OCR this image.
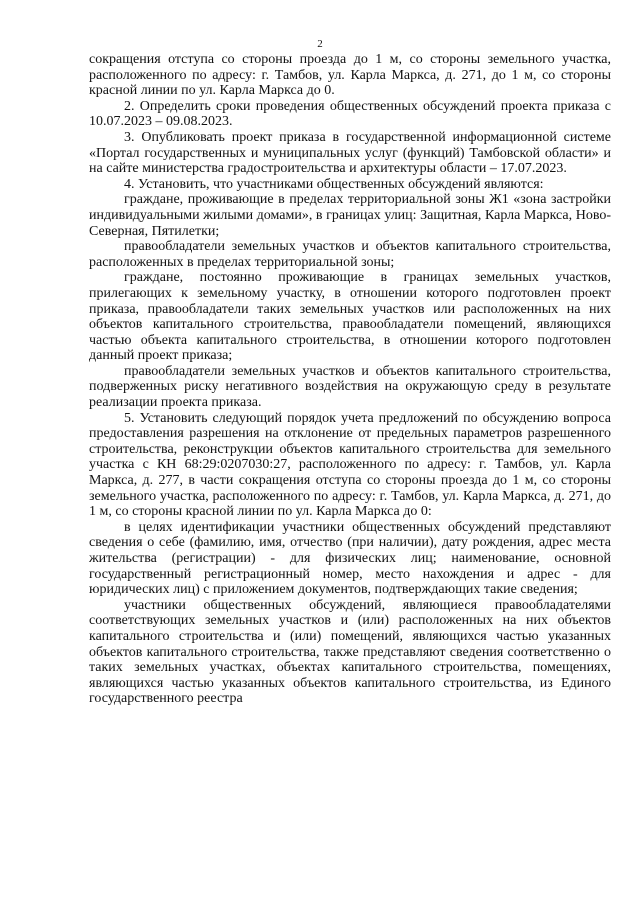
2

сокращения отступа со стороны проезда до 1 м, со стороны земельного участка, расположенного по адресу: г. Тамбов, ул. Карла Маркса, д. 271, до 1 м, со стороны красной линии по ул. Карла Маркса до 0.

2. Определить сроки проведения общественных обсуждений проекта приказа с 10.07.2023 – 09.08.2023.

3. Опубликовать проект приказа в государственной информационной системе «Портал государственных и муниципальных услуг (функций) Тамбовской области» и на сайте министерства градостроительства и архитектуры области – 17.07.2023.

4. Установить, что участниками общественных обсуждений являются:

граждане, проживающие в пределах территориальной зоны Ж1 «зона застройки индивидуальными жилыми домами», в границах улиц: Защитная, Карла Маркса, Ново-Северная, Пятилетки;

правообладатели земельных участков и объектов капитального строительства, расположенных в пределах территориальной зоны;

граждане, постоянно проживающие в границах земельных участков, прилегающих к земельному участку, в отношении которого подготовлен проект приказа, правообладатели таких земельных участков или расположенных на них объектов капитального строительства, правообладатели помещений, являющихся частью объекта капитального строительства, в отношении которого подготовлен данный проект приказа;

правообладатели земельных участков и объектов капитального строительства, подверженных риску негативного воздействия на окружающую среду в результате реализации проекта приказа.

5. Установить следующий порядок учета предложений по обсуждению вопроса предоставления разрешения на отклонение от предельных параметров разрешенного строительства, реконструкции объектов капитального строительства для земельного участка с КН 68:29:0207030:27, расположенного по адресу: г. Тамбов, ул. Карла Маркса, д. 277, в части сокращения отступа со стороны проезда до 1 м, со стороны земельного участка, расположенного по адресу: г. Тамбов, ул. Карла Маркса, д. 271, до 1 м, со стороны красной линии по ул. Карла Маркса до 0:

в целях идентификации участники общественных обсуждений представляют сведения о себе (фамилию, имя, отчество (при наличии), дату рождения, адрес места жительства (регистрации) - для физических лиц; наименование, основной государственный регистрационный номер, место нахождения и адрес - для юридических лиц) с приложением документов, подтверждающих такие сведения;

участники общественных обсуждений, являющиеся правообладателями соответствующих земельных участков и (или) расположенных на них объектов капитального строительства и (или) помещений, являющихся частью указанных объектов капитального строительства, также представляют сведения соответственно о таких земельных участках, объектах капитального строительства, помещениях, являющихся частью указанных объектов капитального строительства, из Единого государственного реестра
